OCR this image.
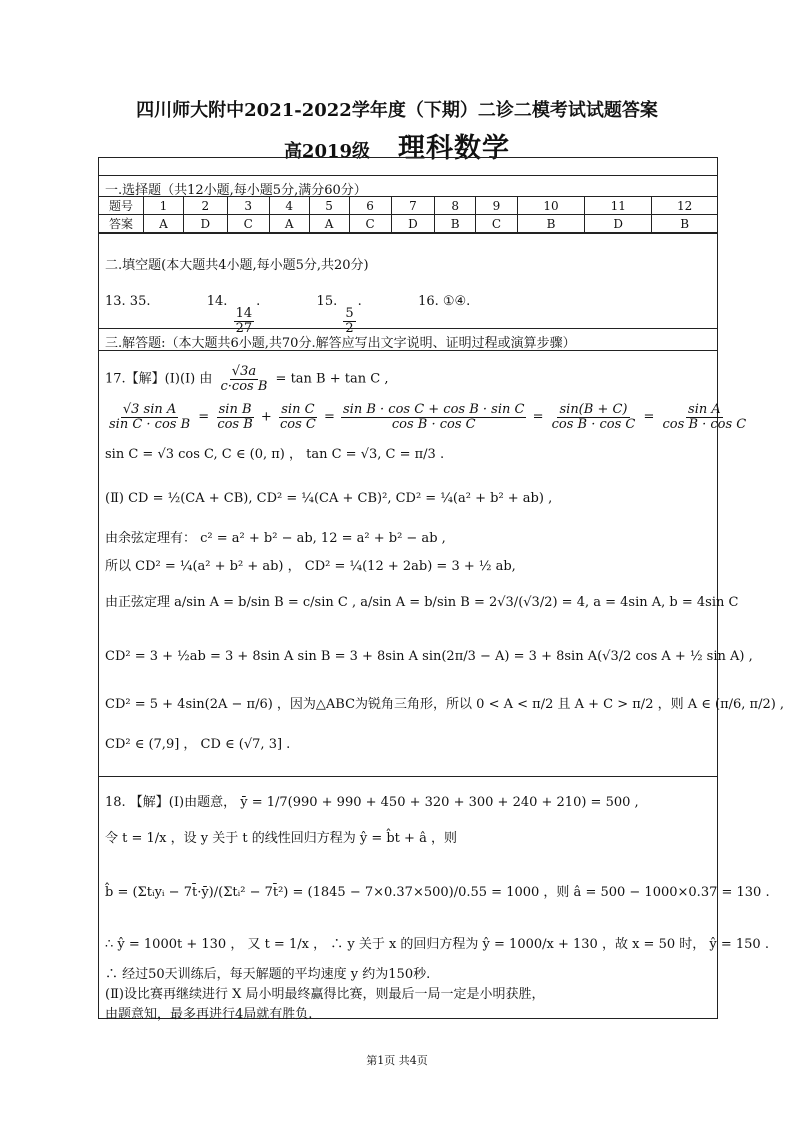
四川师大附中2021-2022学年度（下期）二诊二模考试试题答案
高2019级 理科数学
一.选择题（共12小题,每小题5分,满分60分）
题号	1	2	3	4	5	6	7	8	9	10	11	12
答案	A	D	C	A	A	C	D	B	C	B	D	B
二.填空题(本大题共4小题,每小题5分,共20分)
13. 35.	14.
$\frac{14}{27}$
.	15.
$\frac{5}{2}$
.	16. ①④.
三.解答题:（本大题共6小题,共70分.解答应写出文字说明、证明过程或演算步骤）
17.【解】(Ⅰ)(Ⅰ) 由 $\frac{√3a}{\text{c·cos B}} = \tan B + \tan C$ ,
$\frac{\text{√3 sin A}}{\text{sin C · cos B}} = \frac{\text{sin B}}{\text{cos B}} + \frac{\text{sin C}}{\text{cos C}} = \frac{\text{sin B · cos C + cos B · sin C}}{\text{cos B · cos C}} = \frac{\sin(B + C)}{\text{cos B · cos C}} = \frac{\text{sin A}}{\text{cos B · cos C}}$
sin C = √3 cos C, C ∈ (0, π) ， tan C = √3, C = π/3 .
(Ⅱ) CD = ½(CA + CB), CD² = ¼(CA + CB)², CD² = ¼(a² + b² + ab) ,
由余弦定理有： c² = a² + b² − ab, 12 = a² + b² − ab ,
所以 CD² = ¼(a² + b² + ab) ， CD² = ¼(12 + 2ab) = 3 + ½ ab,
由正弦定理 a/sin A = b/sin B = c/sin C , a/sin A = b/sin B = 2√3/(√3/2) = 4, a = 4sin A, b = 4sin C
CD² = 3 + ½ab = 3 + 8sin A sin B = 3 + 8sin A sin(2π/3 − A) = 3 + 8sin A(√3/2 cos A + ½ sin A) ,
CD² = 5 + 4sin(2A − π/6) ，因为△ABC为锐角三角形，所以 0 < A < π/2 且 A + C > π/2 ，则 A ∈ (π/6, π/2) ,
CD² ∈ (7,9] ， CD ∈ (√7, 3] .
18. 【解】(Ⅰ)由题意， ȳ = 1/7(990 + 990 + 450 + 320 + 300 + 240 + 210) = 500 ,
令 t = 1/x ，设 y 关于 t 的线性回归方程为 ŷ = b̂t + â ，则
b̂ = (Σtᵢyᵢ − 7t̄·ȳ)/(Σtᵢ² − 7t̄²) = (1845 − 7×0.37×500)/0.55 = 1000 ，则 â = 500 − 1000×0.37 = 130 .
∴ ŷ = 1000t + 130 ， 又 t = 1/x ， ∴ y 关于 x 的回归方程为 ŷ = 1000/x + 130 ，故 x = 50 时， ŷ = 150 .
∴ 经过50天训练后，每天解题的平均速度 y 约为150秒.
(Ⅱ)设比赛再继续进行 X 局小明最终赢得比赛，则最后一局一定是小明获胜，
由题意知，最多再进行4局就有胜负.
第1页 共4页
